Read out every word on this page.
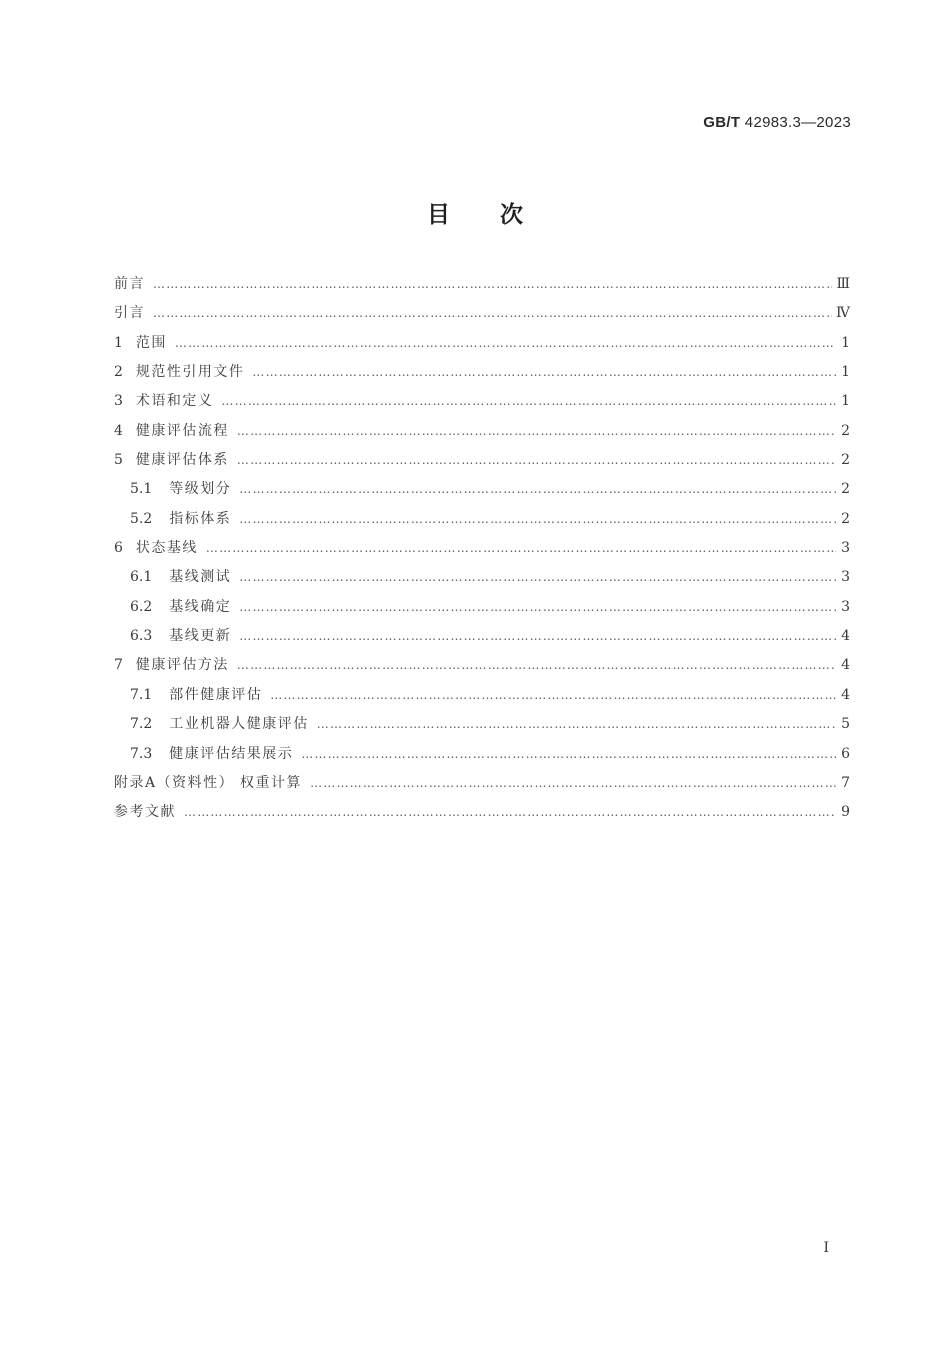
GB/T 42983.3—2023
目次
前言 ……………………………………………………………………………………………………………………………………………………………………………………………………………………………………………………………………	Ⅲ
引言 ……………………………………………………………………………………………………………………………………………………………………………………………………………………………………………………………………	Ⅳ
1 范围 ……………………………………………………………………………………………………………………………………………………………………………………………………………………………………………………………………	1
2 规范性引用文件 ……………………………………………………………………………………………………………………………………………………………………………………………………………………………………………………………………	1
3 术语和定义 ……………………………………………………………………………………………………………………………………………………………………………………………………………………………………………………………………	1
4 健康评估流程 ……………………………………………………………………………………………………………………………………………………………………………………………………………………………………………………………………	2
5 健康评估体系 ……………………………………………………………………………………………………………………………………………………………………………………………………………………………………………………………………	2
5.1 等级划分 ……………………………………………………………………………………………………………………………………………………………………………………………………………………………………………………………………	2
5.2 指标体系 ……………………………………………………………………………………………………………………………………………………………………………………………………………………………………………………………………	2
6 状态基线 ……………………………………………………………………………………………………………………………………………………………………………………………………………………………………………………………………	3
6.1 基线测试 ……………………………………………………………………………………………………………………………………………………………………………………………………………………………………………………………………	3
6.2 基线确定 ……………………………………………………………………………………………………………………………………………………………………………………………………………………………………………………………………	3
6.3 基线更新 ……………………………………………………………………………………………………………………………………………………………………………………………………………………………………………………………………	4
7 健康评估方法 ……………………………………………………………………………………………………………………………………………………………………………………………………………………………………………………………………	4
7.1 部件健康评估 ……………………………………………………………………………………………………………………………………………………………………………………………………………………………………………………………………	4
7.2 工业机器人健康评估 ……………………………………………………………………………………………………………………………………………………………………………………………………………………………………………………………………	5
7.3 健康评估结果展示 ……………………………………………………………………………………………………………………………………………………………………………………………………………………………………………………………………	6
附录A（资料性） 权重计算 ……………………………………………………………………………………………………………………………………………………………………………………………………………………………………………………………………	7
参考文献 ……………………………………………………………………………………………………………………………………………………………………………………………………………………………………………………………………	9
I
